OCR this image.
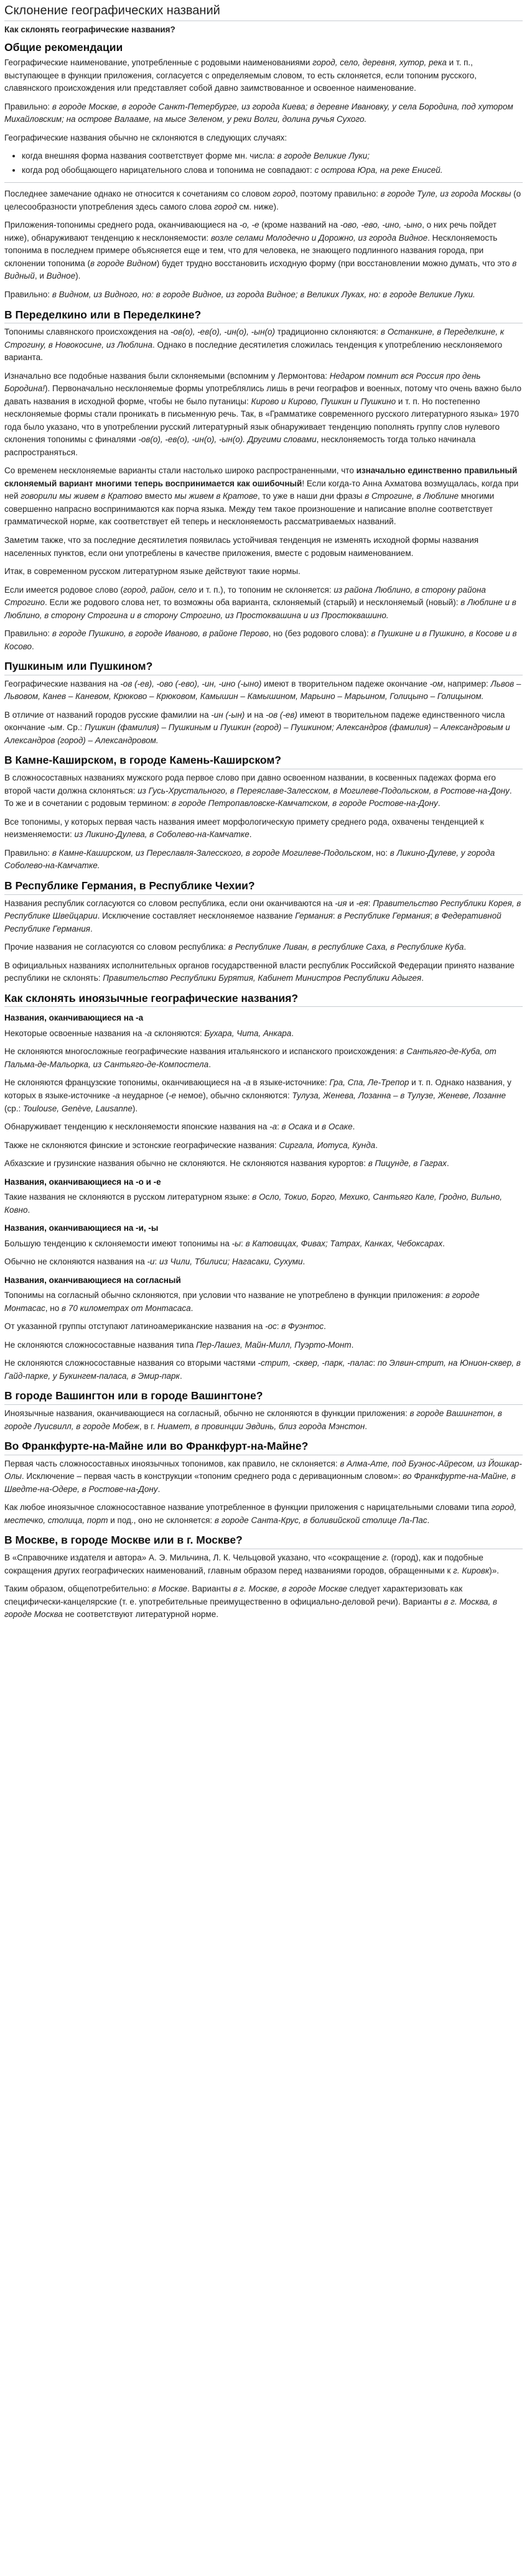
Склонение географических названий
Как склонять географические названия?
Общие рекомендации

Географические наименование, употребленные с родовыми наименованиями город, село, деревня, хутор, река и т. п., выступающее в функции приложения, согласуется с определяемым словом, то есть склоняется, если топоним русского, славянского происхождения или представляет собой давно заимствованное и освоенное наименование.

Правильно: в городе Москве, в городе Санкт-Петербурге, из города Киева; в деревне Ивановку, у села Бородина, под хутором Михайловским; на острове Валааме, на мысе Зеленом, у реки Волги, долина ручья Сухого.

Географические названия обычно не склоняются в следующих случаях:

• когда внешняя форма названия соответствует форме мн. числа: в городе Великие Луки;
• когда род обобщающего нарицательного слова и топонима не совпадают: с острова Юра, на реке Енисей.

Последнее замечание однако не относится к сочетаниям со словом город, поэтому правильно: в городе Туле, из города Москвы (о целесообразности употребления здесь самого слова город см. ниже).

Приложения-топонимы среднего рода, оканчивающиеся на -о, -е (кроме названий на -ово, -ево, -ино, -ыно, о них речь пойдет ниже), обнаруживают тенденцию к несклоняемости: возле селами Молодечно и Дорожно, из города Видное. Несклоняемость топонима в последнем примере объясняется еще и тем, что для человека, не знающего подлинного названия города, при склонении топонима (в городе Видном) будет трудно восстановить исходную форму (при восстановлении можно думать, что это в Видный, и Видное).

Правильно: в Видном, из Видного, но: в городе Видное, из города Видное; в Великих Луках, но: в городе Великие Луки.

В Переделкино или в Переделкине?

Топонимы славянского происхождения на -ов(о), -ев(о), -ин(о), -ын(о) традиционно склоняются: в Останкине, в Переделкине, к Строгину, в Новокосине, из Люблина. Однако в последние десятилетия сложилась тенденция к употреблению несклоняемого варианта.

Изначально все подобные названия были склоняемыми (вспомним у Лермонтова: Недаром помнит вся Россия про день Бородина!). Первоначально несклоняемые формы употреблялись лишь в речи географов и военных, потому что очень важно было давать названия в исходной форме, чтобы не было путаницы: Кирово и Кирово, Пушкин и Пушкино и т. п. Но постепенно несклоняемые формы стали проникать в письменную речь. Так, в «Грамматике современного русского литературного языка» 1970 года было указано, что в употреблении русский литературный язык обнаруживает тенденцию пополнять группу слов нулевого склонения топонимы с финалями -ов(о), -ев(о), -ин(о), -ын(о). Другими словами, несклоняемость тогда только начинала распространяться.

Со временем несклоняемые варианты стали настолько широко распространенными, что изначально единственно правильный склоняемый вариант многими теперь воспринимается как ошибочный! Если когда-то Анна Ахматова возмущалась, когда при ней говорили мы живем в Кратово вместо мы живем в Кратове, то уже в наши дни фразы в Строгине, в Люблине многими совершенно напрасно воспринимаются как порча языка. Между тем такое произношение и написание вполне соответствует грамматической норме, как соответствует ей теперь и несклоняемость рассматриваемых названий.

Заметим также, что за последние десятилетия появилась устойчивая тенденция не изменять исходной формы названия населенных пунктов, если они употреблены в качестве приложения, вместе с родовым наименованием.

Итак, в современном русском литературном языке действуют такие нормы.

Если имеется родовое слово (город, район, село и т. п.), то топоним не склоняется: из района Люблино, в сторону района Строгино. Если же родового слова нет, то возможны оба варианта, склоняемый (старый) и несклоняемый (новый): в Люблине и в Люблино, в сторону Строгина и в сторону Строгино, из Простоквашина и из Простоквашино.

Правильно: в городе Пушкино, в городе Иваново, в районе Перово, но (без родового слова): в Пушкине и в Пушкино, в Косове и в Косово.

Пушкиным или Пушкином?

Географические названия на -ов (-ев), -ово (-ево), -ин, -ино (-ыно) имеют в творительном падеже окончание -ом, например: Львов – Львовом, Канев – Каневом, Крюково – Крюковом, Камышин – Камышином, Марьино – Марьином, Голицыно – Голицыном.

В отличие от названий городов русские фамилии на -ин (-ын) и на -ов (-ев) имеют в творительном падеже единственного числа окончание -ым. Ср.: Пушкин (фамилия) – Пушкиным и Пушкин (город) – Пушкином; Александров (фамилия) – Александровым и Александров (город) – Александровом.

В Камне-Каширском, в городе Камень-Каширском?

В сложносоставных названиях мужского рода первое слово при давно освоенном названии, в косвенных падежах форма его второй части должна склоняться: из Гусь-Хрустального, в Переяславе-Залесском, в Могилеве-Подольском, в Ростове-на-Дону. То же и в сочетании с родовым термином: в городе Петропавловске-Камчатском, в городе Ростове-на-Дону.

Все топонимы, у которых первая часть названия имеет морфологическую примету среднего рода, охвачены тенденцией к неизменяемости: из Ликино-Дулева, в Соболево-на-Камчатке.

Правильно: в Камне-Каширском, из Переславля-Залесского, в городе Могилеве-Подольском, но: в Ликино-Дулеве, у города Соболево-на-Камчатке.

В Республике Германия, в Республике Чехии?

Названия республик согласуются со словом республика, если они оканчиваются на -ия и -ея: Правительство Республики Корея, в Республике Швейцарии. Исключение составляет несклоняемое название Германия: в Республике Германия; в Федеративной Республике Германия.

Прочие названия не согласуются со словом республика: в Республике Ливан, в республике Саха, в Республике Куба.

В официальных названиях исполнительных органов государственной власти республик Российской Федерации принято название республики не склонять: Правительство Республики Бурятия, Кабинет Министров Республики Адыгея.

Как склонять иноязычные географические названия?
Названия, оканчивающиеся на -а

Некоторые освоенные названия на -а склоняются: Бухара, Чита, Анкара.

Не склоняются многосложные географические названия итальянского и испанского происхождения: в Сантьяго-де-Куба, от Пальма-де-Мальорка, из Сантьяго-де-Компостела.

Не склоняются французские топонимы, оканчивающиеся на -а в языке-источнике: Гра, Спа, Ле-Трепор и т. п. Однако названия, у которых в языке-источнике -а неударное (-е немое), обычно склоняются: Тулуза, Женева, Лозанна – в Тулузе, Женеве, Лозанне (ср.: Toulouse, Genève, Lausanne).

Обнаруживает тенденцию к несклоняемости японские названия на -а: в Осака и в Осаке.

Также не склоняются финские и эстонские географические названия: Сиргала, Иотуса, Кунда.

Абхазские и грузинские названия обычно не склоняются. Не склоняются названия курортов: в Пицунде, в Гаграх.

Названия, оканчивающиеся на -о и -е

Такие названия не склоняются в русском литературном языке: в Осло, Токио, Борго, Мехико, Сантьяго Кале, Гродно, Вильно, Ковно.

Названия, оканчивающиеся на -и, -ы

Большую тенденцию к склоняемости имеют топонимы на -ы: в Катовицах, Фивах; Татрах, Канках, Чебоксарах.

Обычно не склоняются названия на -и: из Чили, Тбилиси; Нагасаки, Сухуми.

Названия, оканчивающиеся на согласный

Топонимы на согласный обычно склоняются, при условии что название не употреблено в функции приложения: в городе Монтасас, но в 70 километрах от Монтасаса.

От указанной группы отступают латиноамериканские названия на -ос: в Фуэнтос.

Не склоняются сложносоставные названия типа Пер-Лашез, Майн-Милл, Пуэрто-Монт.

Не склоняются сложносоставные названия со вторыми частями -стрит, -сквер, -парк, -палас: по Элвин-стрит, на Юнион-сквер, в Гайд-парке, у Букингем-паласа, в Эмир-парк.

В городе Вашингтон или в городе Вашингтоне?

Иноязычные названия, оканчивающиеся на согласный, обычно не склоняются в функции приложения: в городе Вашингтон, в городе Луисвилл, в городе Мобеж, в г. Ниамет, в провинции Эвдинь, близ города Мэнстон.

Во Франкфурте-на-Майне или во Франкфурт-на-Майне?

Первая часть сложносоставных иноязычных топонимов, как правило, не склоняется: в Алма-Ате, под Буэнос-Айресом, из Йошкар-Олы. Исключение – первая часть в конструкции «топоним среднего рода с деривационным словом»: во Франкфурте-на-Майне, в Шведте-на-Одере, в Ростове-на-Дону.

Как любое иноязычное сложносоставное название употребленное в функции приложения с нарицательными словами типа город, местечко, столица, порт и под., оно не склоняется: в городе Санта-Крус, в боливийской столице Ла-Пас.

В Москве, в городе Москве или в г. Москве?

В «Справочнике издателя и автора» А. Э. Мильчина, Л. К. Чельцовой указано, что «сокращение г. (город), как и подобные сокращения других географических наименований, главным образом перед названиями городов, обращенными к г. Кировк)».

Таким образом, общепотребительно: в Москве. Варианты в г. Москве, в городе Москве следует характеризовать как специфически-канцелярские (т. е. употребительные преимущественно в официально-деловой речи). Варианты в г. Москва, в городе Москва не соответствуют литературной норме.
